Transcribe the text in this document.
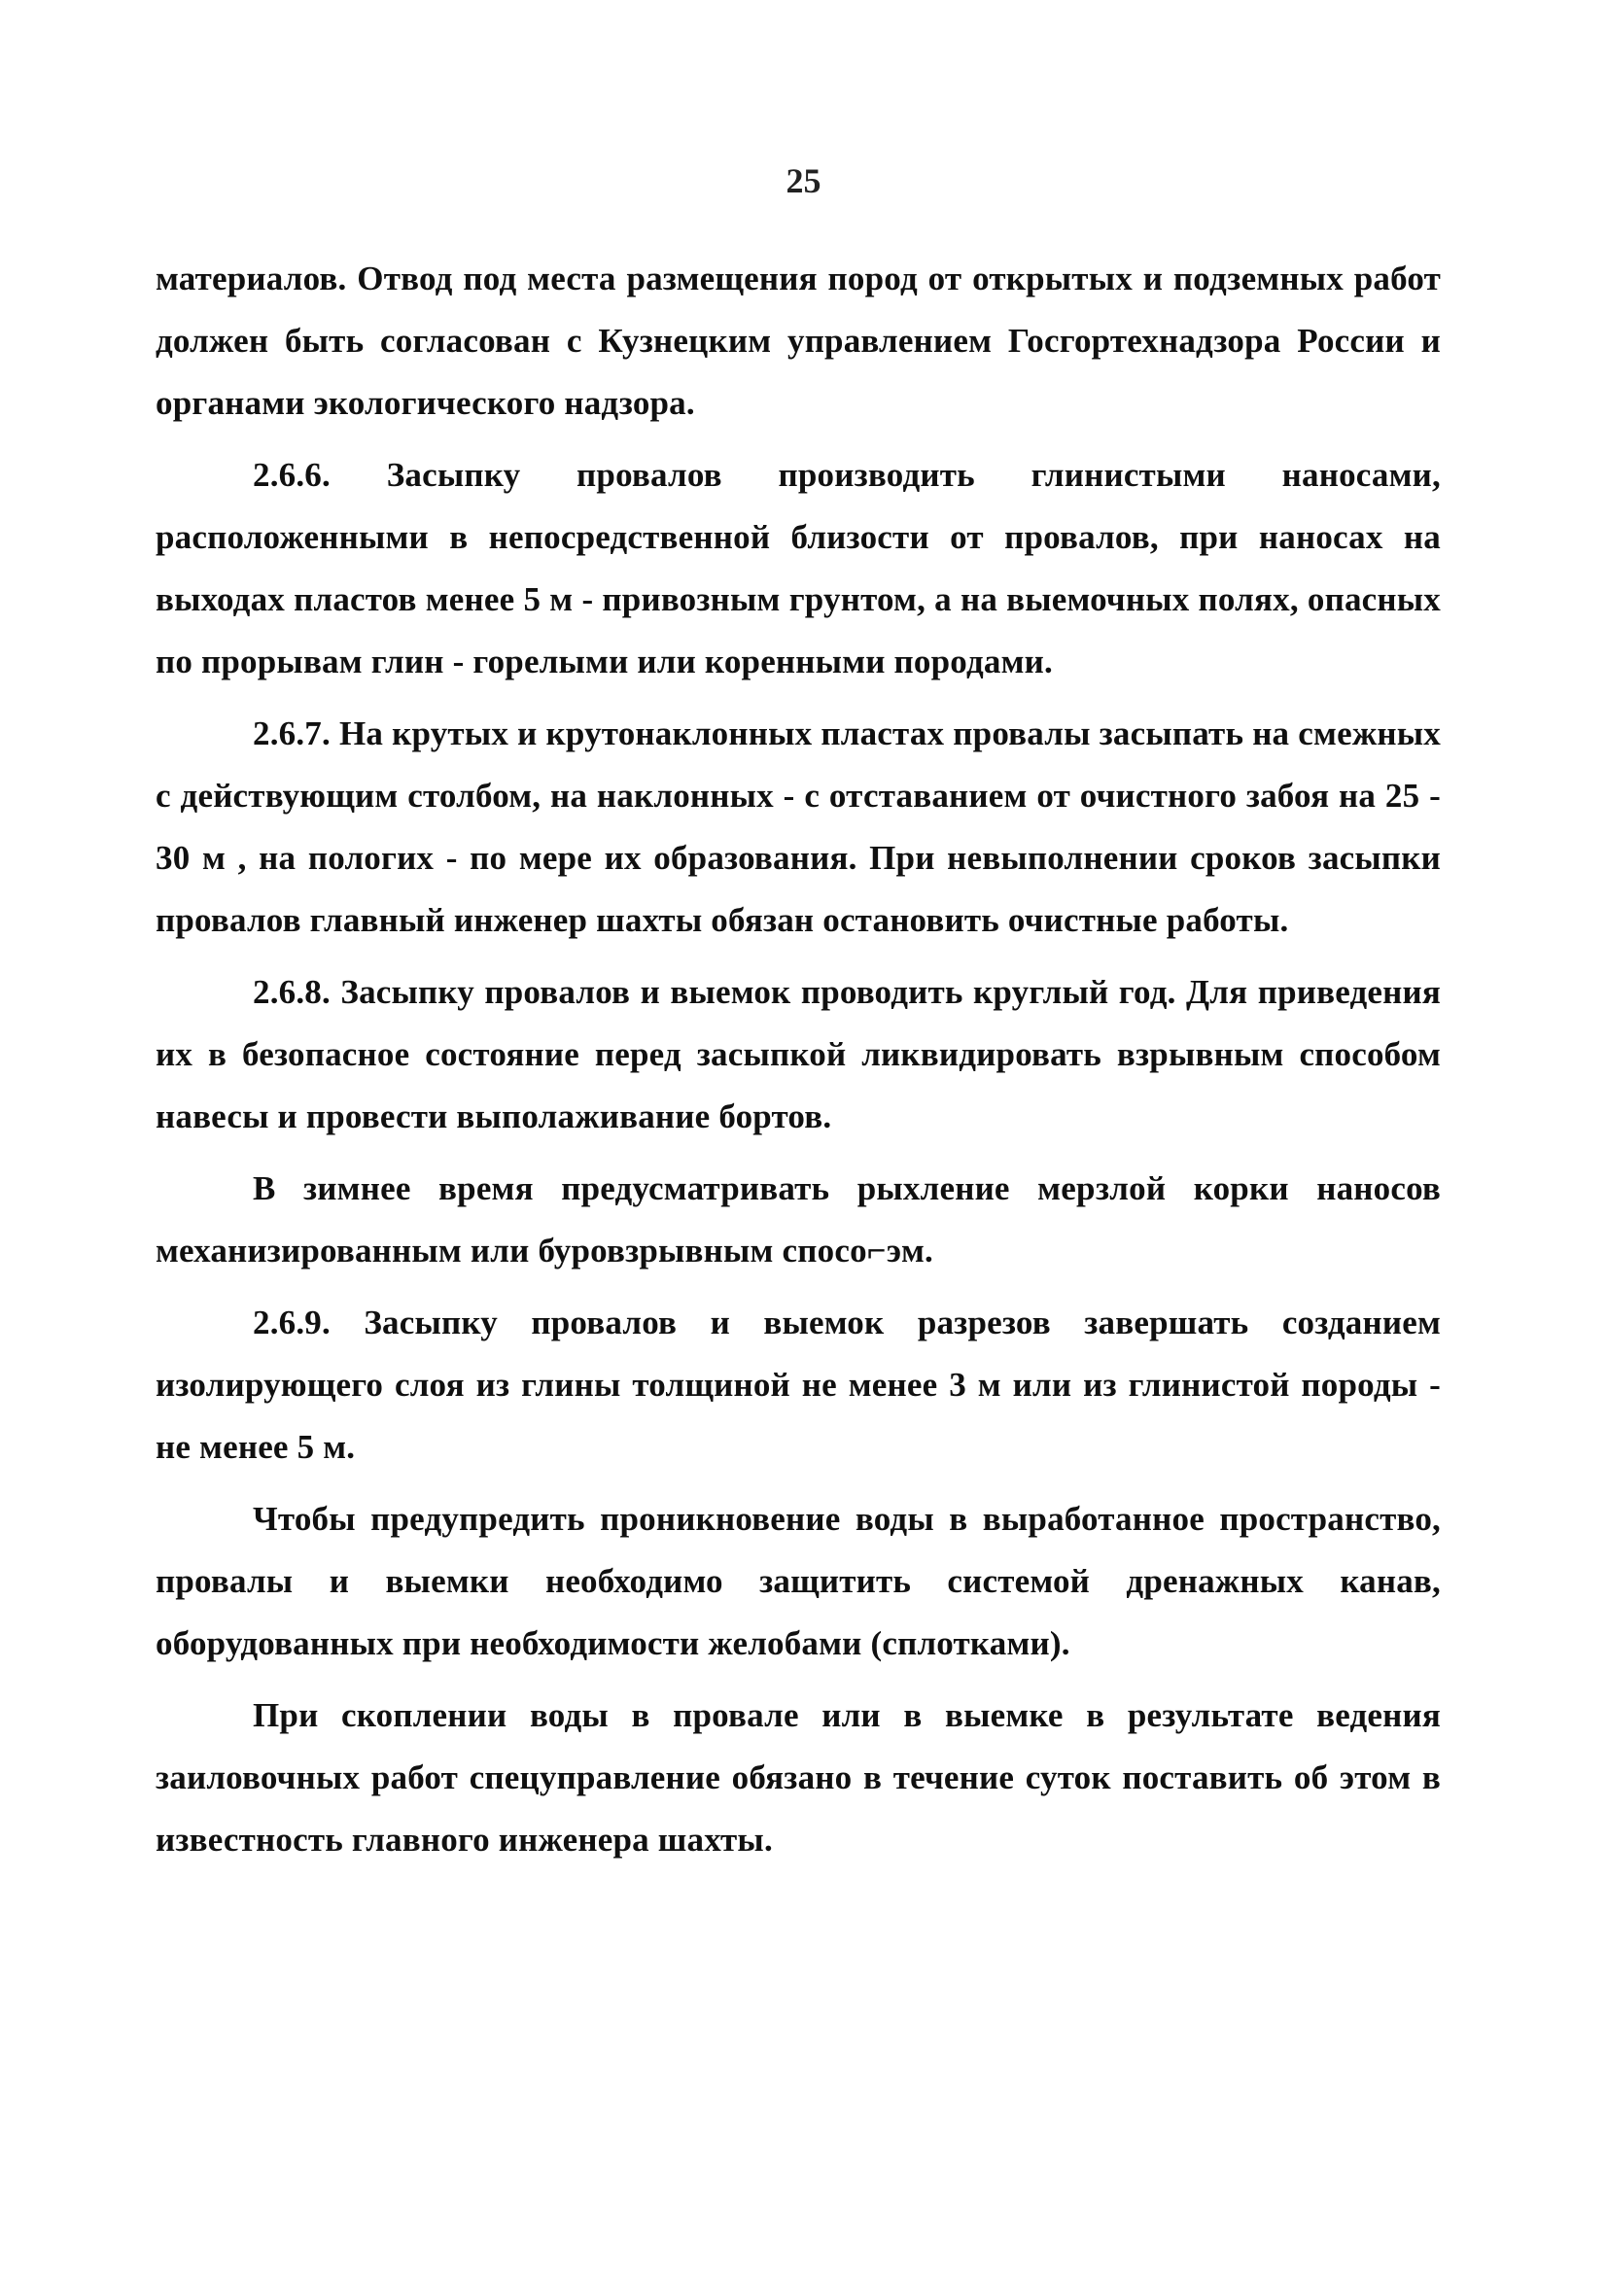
25

материалов. Отвод под места размещения пород от открытых и подземных работ должен быть согласован с Кузнецким управлением Госгортехнадзора России и органами экологического надзора.

2.6.6. Засыпку провалов производить глинистыми наносами, расположенными в непосредственной близости от провалов, при наносах на выходах пластов менее 5 м - привозным грунтом, а на выемочных полях, опасных по прорывам глин - горелыми или коренными породами.

2.6.7. На крутых и крутонаклонных пластах провалы засыпать на смежных с действующим столбом, на наклонных - с отставанием от очистного забоя на 25 - 30 м , на пологих - по мере их образования. При невыполнении сроков засыпки провалов главный инженер шахты обязан остановить очистные работы.

2.6.8. Засыпку провалов и выемок проводить круглый год. Для приведения их в безопасное состояние перед засыпкой ликвидировать взрывным способом навесы и провести выполаживание бортов.

В зимнее время предусматривать рыхление мерзлой корки наносов механизированным или буровзрывным спосо⌐эм.

2.6.9. Засыпку провалов и выемок разрезов завершать созданием изолирующего слоя из глины толщиной не менее 3 м или из глинистой породы - не менее 5 м.

Чтобы предупредить проникновение воды в выработанное пространство, провалы и выемки необходимо защитить системой дренажных канав, оборудованных при необходимости желобами (сплотками).

При скоплении воды в провале или в выемке в результате ведения заиловочных работ спецуправление обязано в течение суток поставить об этом в известность главного инженера шахты.
